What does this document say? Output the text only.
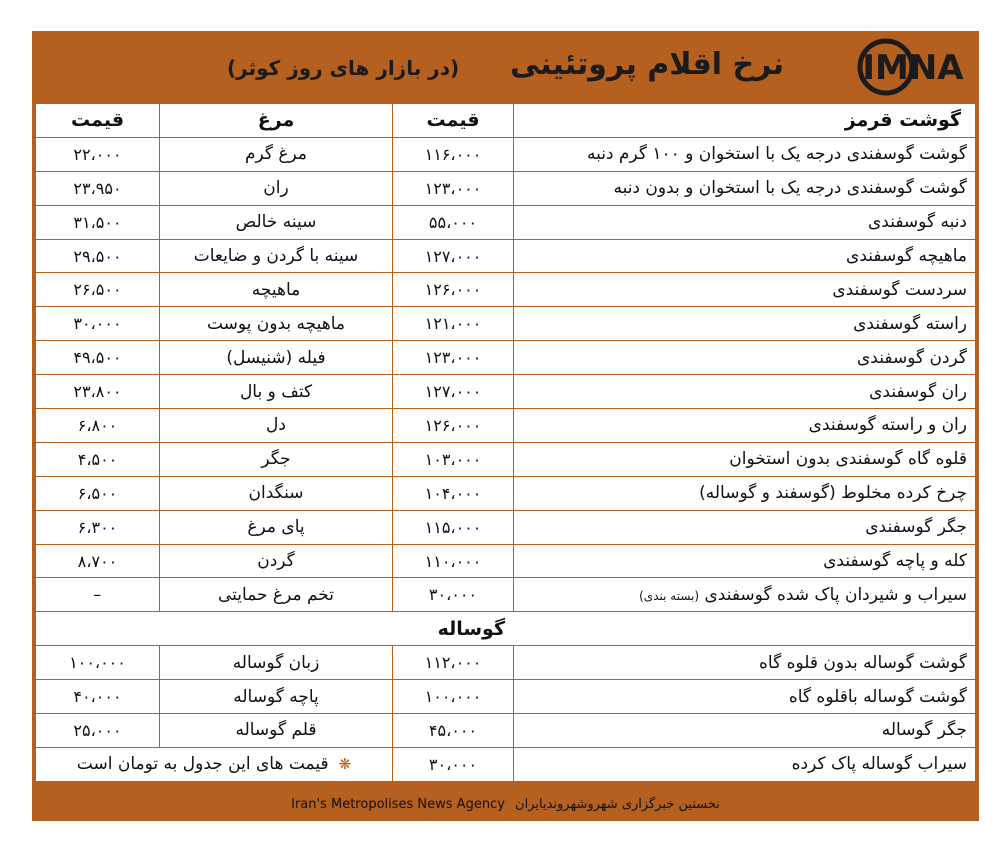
IMNA
نرخ اقلام پروتئینی
(در بازار های روز کوثر)
گوشت قرمز	قیمت	مرغ	قیمت
گوشت گوسفندی درجه یک با استخوان و ۱۰۰ گرم دنبه	۱۱۶،۰۰۰	مرغ گرم	۲۲،۰۰۰
گوشت گوسفندی درجه یک با استخوان و بدون دنبه	۱۲۳،۰۰۰	ران	۲۳،۹۵۰
دنبه گوسفندی	۵۵،۰۰۰	سینه خالص	۳۱،۵۰۰
ماهیچه گوسفندی	۱۲۷،۰۰۰	سینه با گردن و ضایعات	۲۹،۵۰۰
سردست گوسفندی	۱۲۶،۰۰۰	ماهیچه	۲۶،۵۰۰
راسته گوسفندی	۱۲۱،۰۰۰	ماهیچه بدون پوست	۳۰،۰۰۰
گردن گوسفندی	۱۲۳،۰۰۰	فیله (شنیسل)	۴۹،۵۰۰
ران گوسفندی	۱۲۷،۰۰۰	کتف و بال	۲۳،۸۰۰
ران و راسته گوسفندی	۱۲۶،۰۰۰	دل	۶،۸۰۰
قلوه گاه گوسفندی بدون استخوان	۱۰۳،۰۰۰	جگر	۴،۵۰۰
چرخ کرده مخلوط (گوسفند و گوساله)	۱۰۴،۰۰۰	سنگدان	۶،۵۰۰
جگر گوسفندی	۱۱۵،۰۰۰	پای مرغ	۶،۳۰۰
کله و پاچه گوسفندی	۱۱۰،۰۰۰	گردن	۸،۷۰۰
سیراب و شیردان پاک شده گوسفندی (بسته بندی)	۳۰،۰۰۰	تخم مرغ حمایتی	–
گوساله			
گوشت گوساله بدون قلوه گاه	۱۱۲،۰۰۰	زبان گوساله	۱۰۰،۰۰۰
گوشت گوساله باقلوه گاه	۱۰۰،۰۰۰	پاچه گوساله	۴۰،۰۰۰
جگر گوساله	۴۵،۰۰۰	قلم گوساله	۲۵،۰۰۰
سیراب گوساله پاک کرده	۳۰،۰۰۰	❋قیمت های این جدول به تومان است	
Iran's Metropolises News Agency نخستین خبرگزاری شهروشهروندیایران
